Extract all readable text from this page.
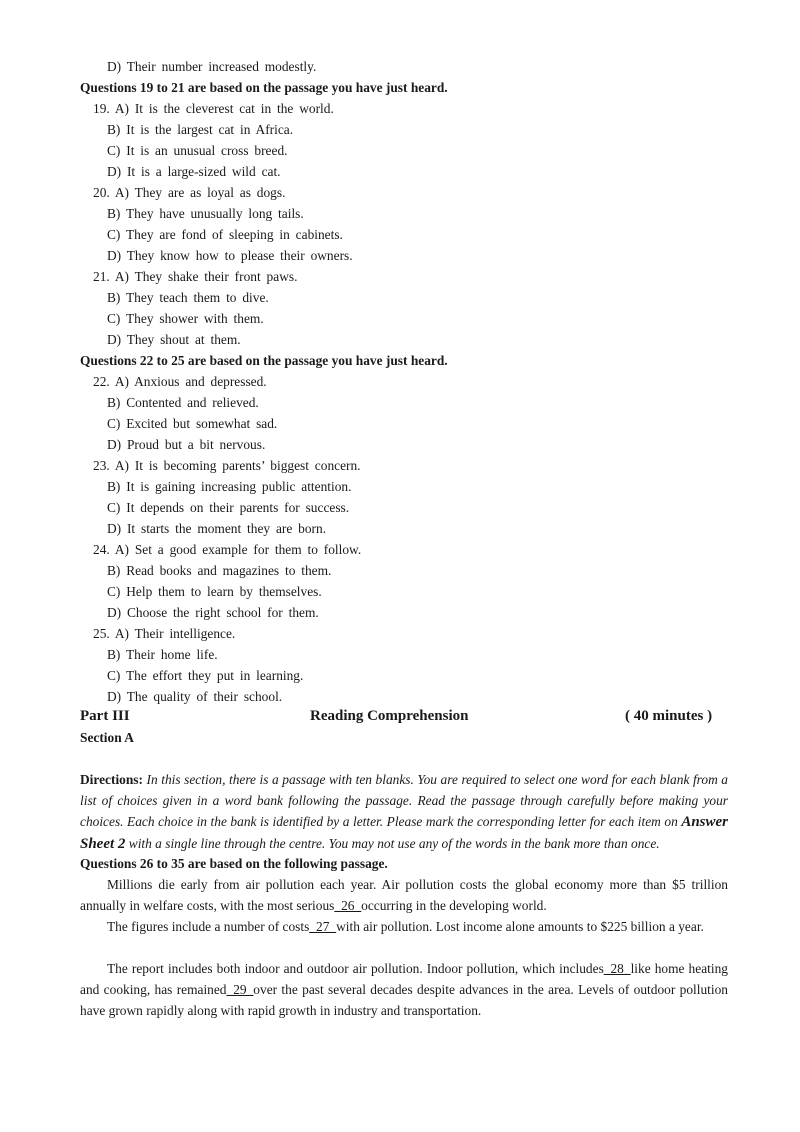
D) Their number increased modestly.
Questions 19 to 21 are based on the passage you have just heard.
19. A) It is the cleverest cat in the world.
B) It is the largest cat in Africa.
C) It is an unusual cross breed.
D) It is a large-sized wild cat.
20. A) They are as loyal as dogs.
B) They have unusually long tails.
C) They are fond of sleeping in cabinets.
D) They know how to please their owners.
21. A) They shake their front paws.
B) They teach them to dive.
C) They shower with them.
D) They shout at them.
Questions 22 to 25 are based on the passage you have just heard.
22. A) Anxious and depressed.
B) Contented and relieved.
C) Excited but somewhat sad.
D) Proud but a bit nervous.
23. A) It is becoming parents’ biggest concern.
B) It is gaining increasing public attention.
C) It depends on their parents for success.
D) It starts the moment they are born.
24. A) Set a good example for them to follow.
B) Read books and magazines to them.
C) Help them to learn by themselves.
D) Choose the right school for them.
25. A) Their intelligence.
B) Their home life.
C) The effort they put in learning.
D) The quality of their school.
Part III	Reading Comprehension	( 40 minutes )
Section A
Directions: In this section, there is a passage with ten blanks. You are required to select one word for each blank from a list of choices given in a word bank following the passage. Read the passage through carefully before making your choices. Each choice in the bank is identified by a letter. Please mark the corresponding letter for each item on Answer Sheet 2 with a single line through the centre. You may not use any of the words in the bank more than once.
Questions 26 to 35 are based on the following passage.
Millions die early from air pollution each year. Air pollution costs the global economy more than $5 trillion annually in welfare costs, with the most serious_26_occurring in the developing world.
The figures include a number of costs_27_with air pollution. Lost income alone amounts to $225 billion a year.
The report includes both indoor and outdoor air pollution. Indoor pollution, which includes_28_like home heating and cooking, has remained_29_over the past several decades despite advances in the area. Levels of outdoor pollution have grown rapidly along with rapid growth in industry and transportation.
